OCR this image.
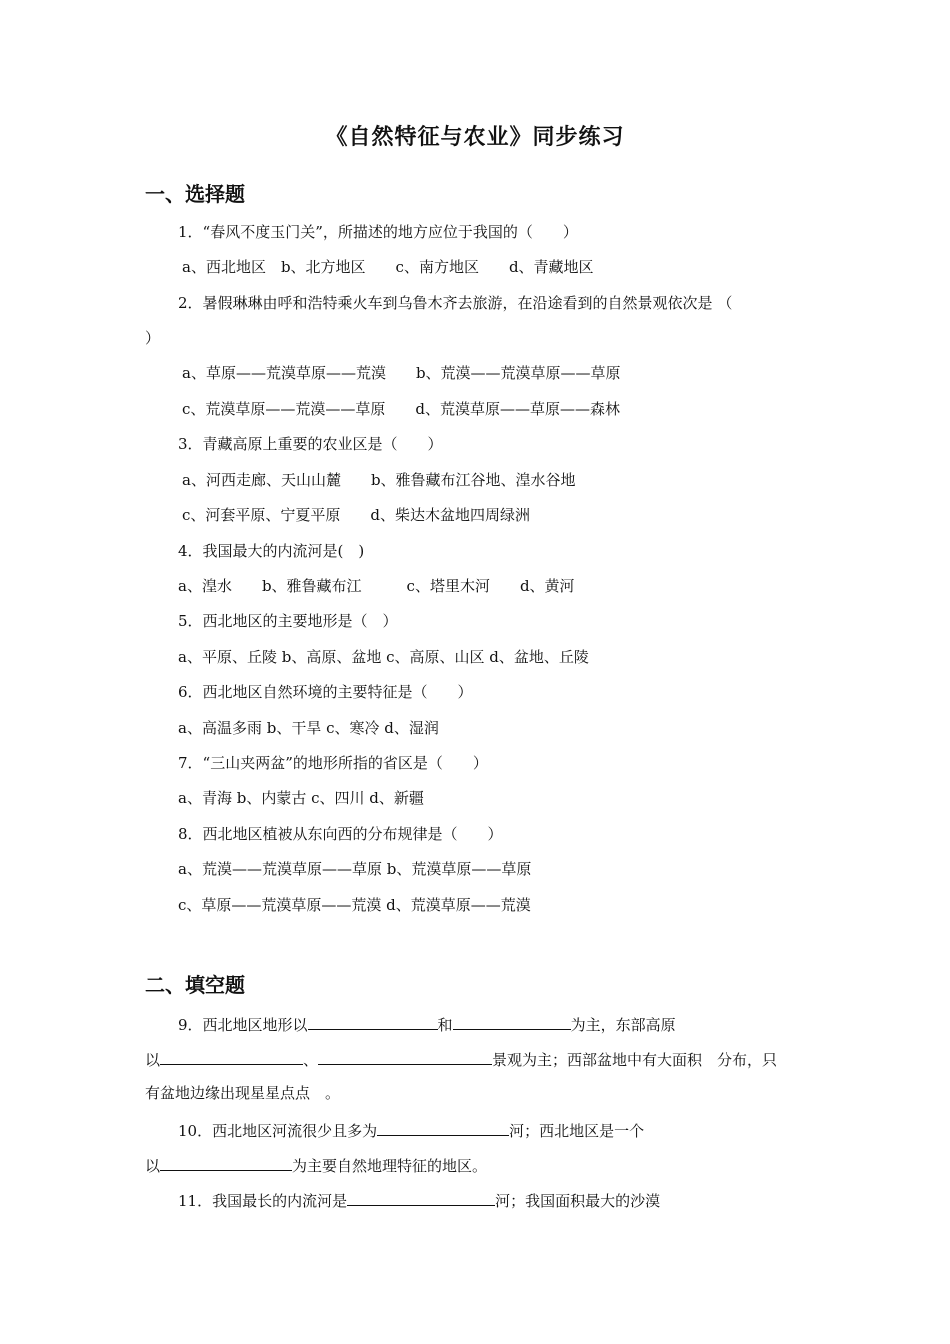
《自然特征与农业》同步练习
一、选择题
1．“春风不度玉门关”，所描述的地方应位于我国的（　　）
a、西北地区　b、北方地区　　c、南方地区　　d、青藏地区
2．暑假琳琳由呼和浩特乘火车到乌鲁木齐去旅游，在沿途看到的自然景观依次是 （
）
a、草原——荒漠草原——荒漠　　b、荒漠——荒漠草原——草原
c、荒漠草原——荒漠——草原　　d、荒漠草原——草原——森林
3．青藏高原上重要的农业区是（　　）
a、河西走廊、天山山麓　　b、雅鲁藏布江谷地、湟水谷地
c、河套平原、宁夏平原　　d、柴达木盆地四周绿洲
4．我国最大的内流河是(　)
a、湟水　　b、雅鲁藏布江　　　c、塔里木河　　d、黄河
5．西北地区的主要地形是（　）
a、平原、丘陵 b、高原、盆地 c、高原、山区 d、盆地、丘陵
6．西北地区自然环境的主要特征是（　　）
a、高温多雨 b、干旱 c、寒冷 d、湿润
7．“三山夹两盆”的地形所指的省区是（　　）
a、青海 b、内蒙古 c、四川 d、新疆
8．西北地区植被从东向西的分布规律是（　　）
a、荒漠——荒漠草原——草原 b、荒漠草原——草原
c、草原——荒漠草原——荒漠 d、荒漠草原——荒漠
二、填空题
9．西北地区地形以	和	为主，东部高原
以	、	景观为主；西部盆地中有大面积　分布，只
有盆地边缘出现星星点点　。
10．西北地区河流很少且多为	河；西北地区是一个
以	为主要自然地理特征的地区。
11．我国最长的内流河是	河；我国面积最大的沙漠
